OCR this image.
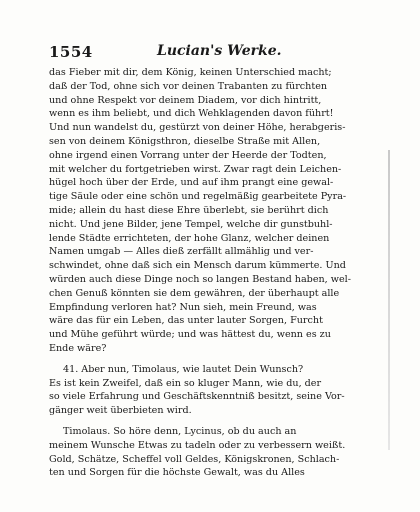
1554	Lucian's Werke.
das Fieber mit dir, dem König, keinen Unterschied macht;
daß der Tod, ohne sich vor deinen Trabanten zu fürchten
und ohne Respekt vor deinem Diadem, vor dich hintritt,
wenn es ihm beliebt, und dich Wehklagenden davon führt!
Und nun wandelst du, gestürzt von deiner Höhe, herabgeris-
sen von deinem Königsthron, dieselbe Straße mit Allen,
ohne irgend einen Vorrang unter der Heerde der Todten,
mit welcher du fortgetrieben wirst. Zwar ragt dein Leichen-
hügel hoch über der Erde, und auf ihm prangt eine gewal-
tige Säule oder eine schön und regelmäßig gearbeitete Pyra-
mide; allein du hast diese Ehre überlebt, sie berührt dich
nicht. Und jene Bilder, jene Tempel, welche dir gunstbuhl-
lende Städte errichteten, der hohe Glanz, welcher deinen
Namen umgab — Alles dieß zerfällt allmählig und ver-
schwindet, ohne daß sich ein Mensch darum kümmerte. Und
würden auch diese Dinge noch so langen Bestand haben, wel-
chen Genuß könnten sie dem gewähren, der überhaupt alle
Empfindung verloren hat? Nun sieh, mein Freund, was
wäre das für ein Leben, das unter lauter Sorgen, Furcht
und Mühe geführt würde; und was hättest du, wenn es zu
Ende wäre?
41. Aber nun, Timolaus, wie lautet Dein Wunsch?
Es ist kein Zweifel, daß ein so kluger Mann, wie du, der
so viele Erfahrung und Geschäftskenntniß besitzt, seine Vor-
gänger weit überbieten wird.
Timolaus. So höre denn, Lycinus, ob du auch an
meinem Wunsche Etwas zu tadeln oder zu verbessern weißt.
Gold, Schätze, Scheffel voll Geldes, Königskronen, Schlach-
ten und Sorgen für die höchste Gewalt, was du Alles
